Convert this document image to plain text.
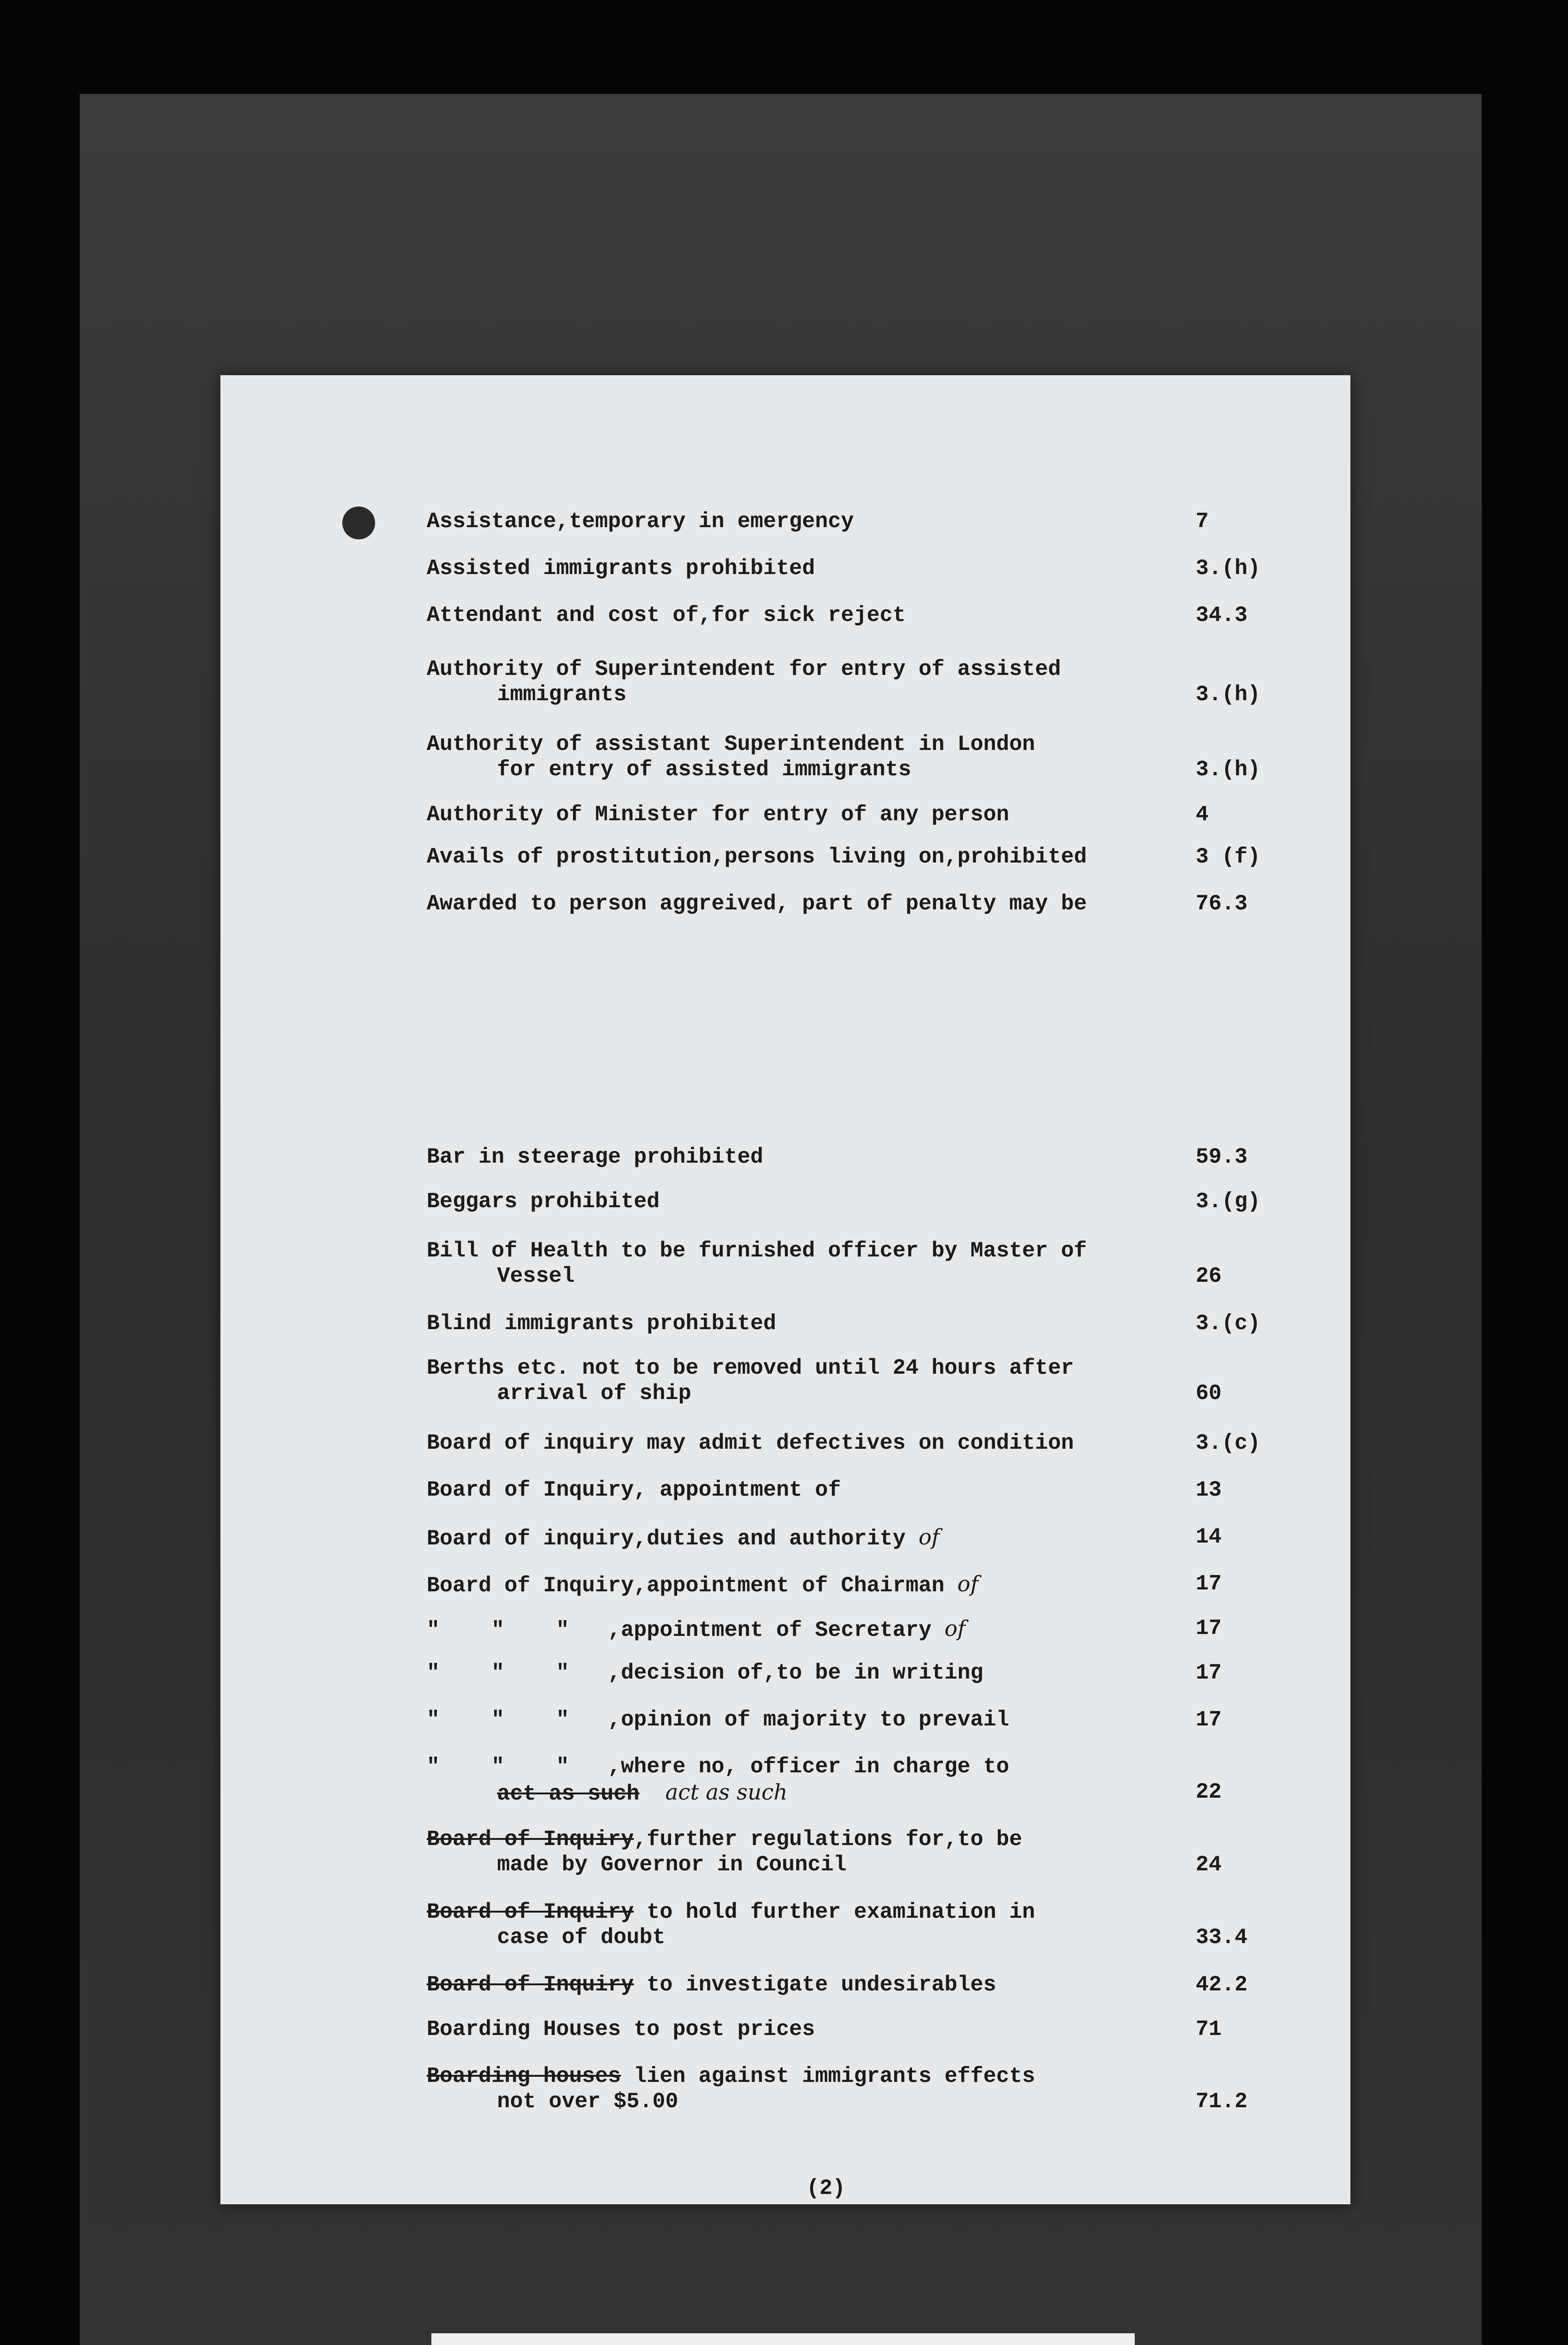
Assistance,temporary in emergency	7
Assisted immigrants prohibited	3.(h)
Attendant and cost of,for sick reject	34.3
Authority of Superintendent for entry of assisted
immigrants	3.(h)
Authority of assistant Superintendent in London
for entry of assisted immigrants	3.(h)
Authority of Minister for entry of any person	4
Avails of prostitution,persons living on,prohibited	3 (f)
Awarded to person aggreived, part of penalty may be	76.3
Bar in steerage prohibited	59.3
Beggars prohibited	3.(g)
Bill of Health to be furnished officer by Master of
Vessel	26
Blind immigrants prohibited	3.(c)
Berths etc. not to be removed until 24 hours after
arrival of ship	60
Board of inquiry may admit defectives on condition	3.(c)
Board of Inquiry, appointment of	13
Board of inquiry,duties and authority of	14
Board of Inquiry,appointment of Chairman of	17
"    "    "   ,appointment of Secretary of	17
"    "    "   ,decision of,to be in writing	17
"    "    "   ,opinion of majority to prevail	17
"    "    "   ,where no, officer in charge to
act as such act as such	22
Board of Inquiry,further regulations for,to be
made by Governor in Council	24
Board of Inquiry to hold further examination in
case of doubt	33.4
Board of Inquiry to investigate undesirables	42.2
Boarding Houses to post prices	71
Boarding houses lien against immigrants effects
not over $5.00	71.2
(2)
